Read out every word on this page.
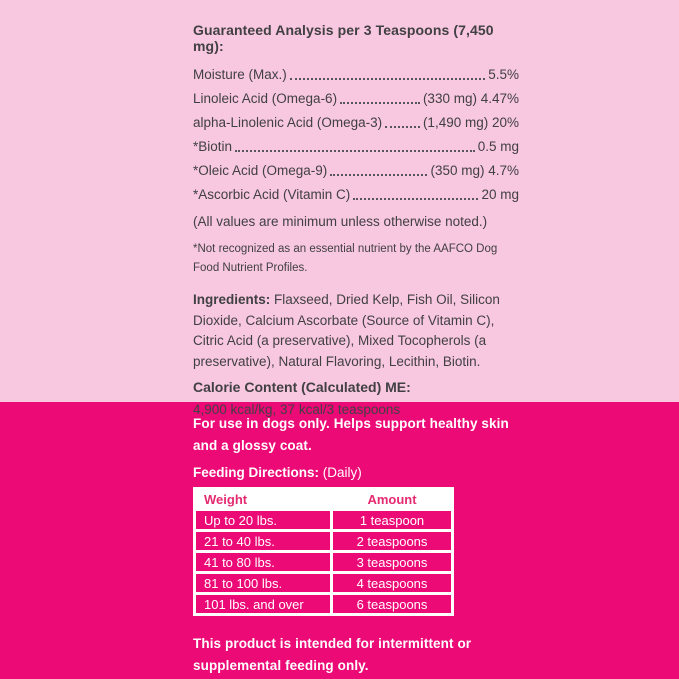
Guaranteed Analysis per 3 Teaspoons (7,450 mg):
Moisture (Max.)	5.5%
Linoleic Acid (Omega-6)	(330 mg) 4.47%
alpha-Linolenic Acid (Omega-3)	(1,490 mg) 20%
*Biotin	0.5 mg
*Oleic Acid (Omega-9)	(350 mg) 4.7%
*Ascorbic Acid (Vitamin C)	20 mg

(All values are minimum unless otherwise noted.)

*Not recognized as an essential nutrient by the AAFCO Dog Food Nutrient Profiles.

Ingredients: Flaxseed, Dried Kelp, Fish Oil, Silicon Dioxide, Calcium Ascorbate (Source of Vitamin C), Citric Acid (a preservative), Mixed Tocopherols (a preservative), Natural Flavoring, Lecithin, Biotin.

Calorie Content (Calculated) ME:

4,900 kcal/kg, 37 kcal/3 teaspoons

For use in dogs only. Helps support healthy skin and a glossy coat.

Feeding Directions: (Daily)

Weight	Amount
Up to 20 lbs.	1 teaspoon
21 to 40 lbs.	2 teaspoons
41 to 80 lbs.	3 teaspoons
81 to 100 lbs.	4 teaspoons
101 lbs. and over	6 teaspoons

This product is intended for intermittent or supplemental feeding only.
